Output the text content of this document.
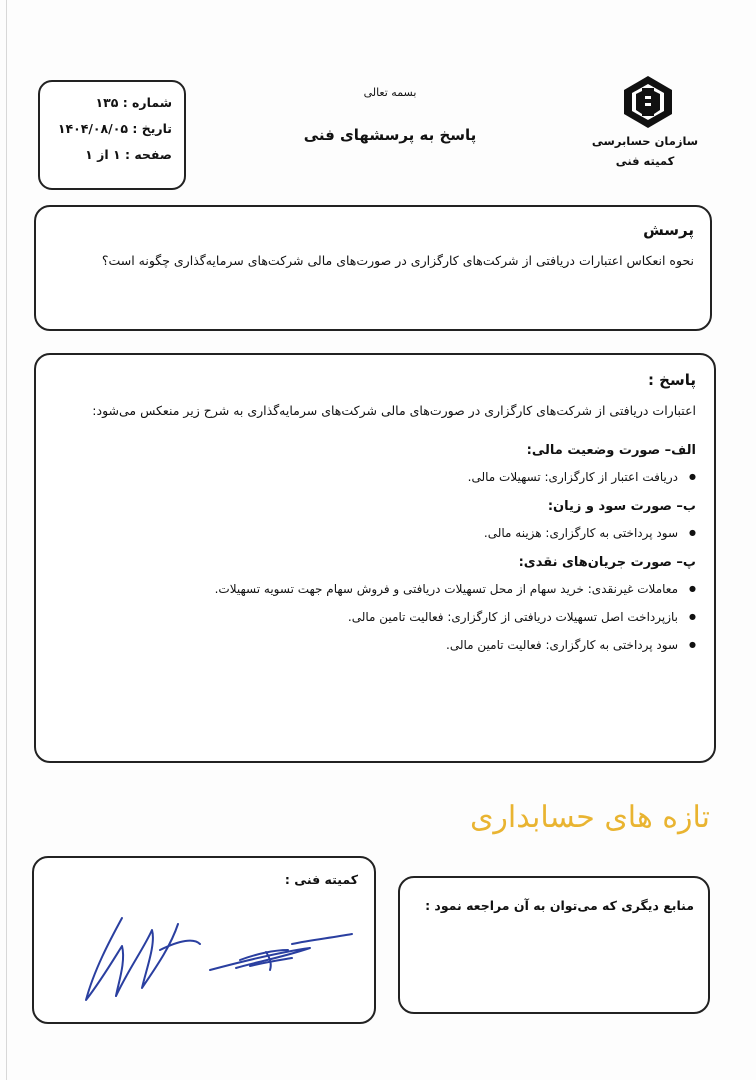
شماره : ۱۳۵
تاریخ : ۱۴۰۴/۰۸/۰۵
صفحه : ۱ از ۱
بسمه تعالی
پاسخ به پرسشهای فنی	سازمان حسابرسی
کمیته فنی
پرسش
نحوه انعکاس اعتبارات دریافتی از شرکت‌های کارگزاری در صورت‌های مالی شرکت‌های سرمایه‌گذاری چگونه است؟
پاسخ :
اعتبارات دریافتی از شرکت‌های کارگزاری در صورت‌های مالی شرکت‌های سرمایه‌گذاری به شرح زیر منعکس می‌شود:
الف– صورت وضعیت مالی:
● دریافت اعتبار از کارگزاری: تسهیلات مالی.
ب– صورت سود و زیان:
● سود پرداختی به کارگزاری: هزینه مالی.
پ– صورت جریان‌های نقدی:
● معاملات غیرنقدی: خرید سهام از محل تسهیلات دریافتی و فروش سهام جهت تسویه تسهیلات.
● بازپرداخت اصل تسهیلات دریافتی از کارگزاری: فعالیت تامین مالی.
● سود پرداختی به کارگزاری: فعالیت تامین مالی.
تازه های حسابداری
کمیته فنی :
منابع دیگری که می‌توان به آن مراجعه نمود :
